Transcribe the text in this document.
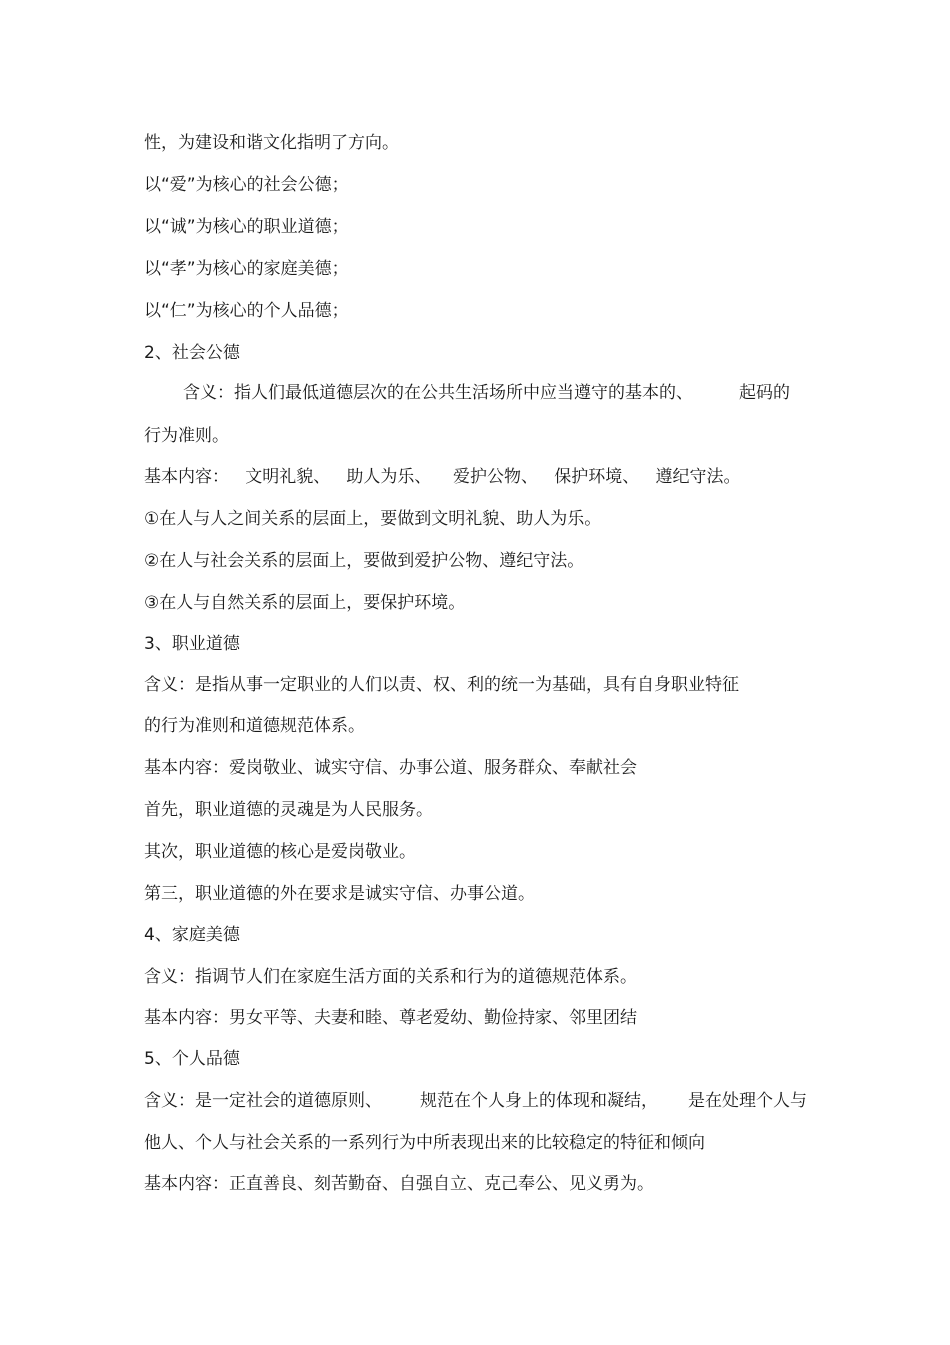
性，为建设和谐文化指明了方向。
以“爱”为核心的社会公德；
以“诚”为核心的职业道德；
以“孝”为核心的家庭美德；
以“仁”为核心的个人品德；
2、社会公德
含义：指人们最低道德层次的在公共生活场所中应当遵守的基本的、	起码的
行为准则。
基本内容：   文明礼貌、   助人为乐、    爱护公物、   保护环境、   遵纪守法。
①在人与人之间关系的层面上，要做到文明礼貌、助人为乐。
②在人与社会关系的层面上，要做到爱护公物、遵纪守法。
③在人与自然关系的层面上，要保护环境。
3、职业道德
含义：是指从事一定职业的人们以责、权、利的统一为基础，具有自身职业特征
的行为准则和道德规范体系。
基本内容：爱岗敬业、诚实守信、办事公道、服务群众、奉献社会
首先，职业道德的灵魂是为人民服务。
其次，职业道德的核心是爱岗敬业。
第三，职业道德的外在要求是诚实守信、办事公道。
4、家庭美德
含义：指调节人们在家庭生活方面的关系和行为的道德规范体系。
基本内容：男女平等、夫妻和睦、尊老爱幼、勤俭持家、邻里团结
5、个人品德
含义：是一定社会的道德原则、 规范在个人身上的体现和凝结， 是在处理个人与
他人、个人与社会关系的一系列行为中所表现出来的比较稳定的特征和倾向
基本内容：正直善良、刻苦勤奋、自强自立、克己奉公、见义勇为。
